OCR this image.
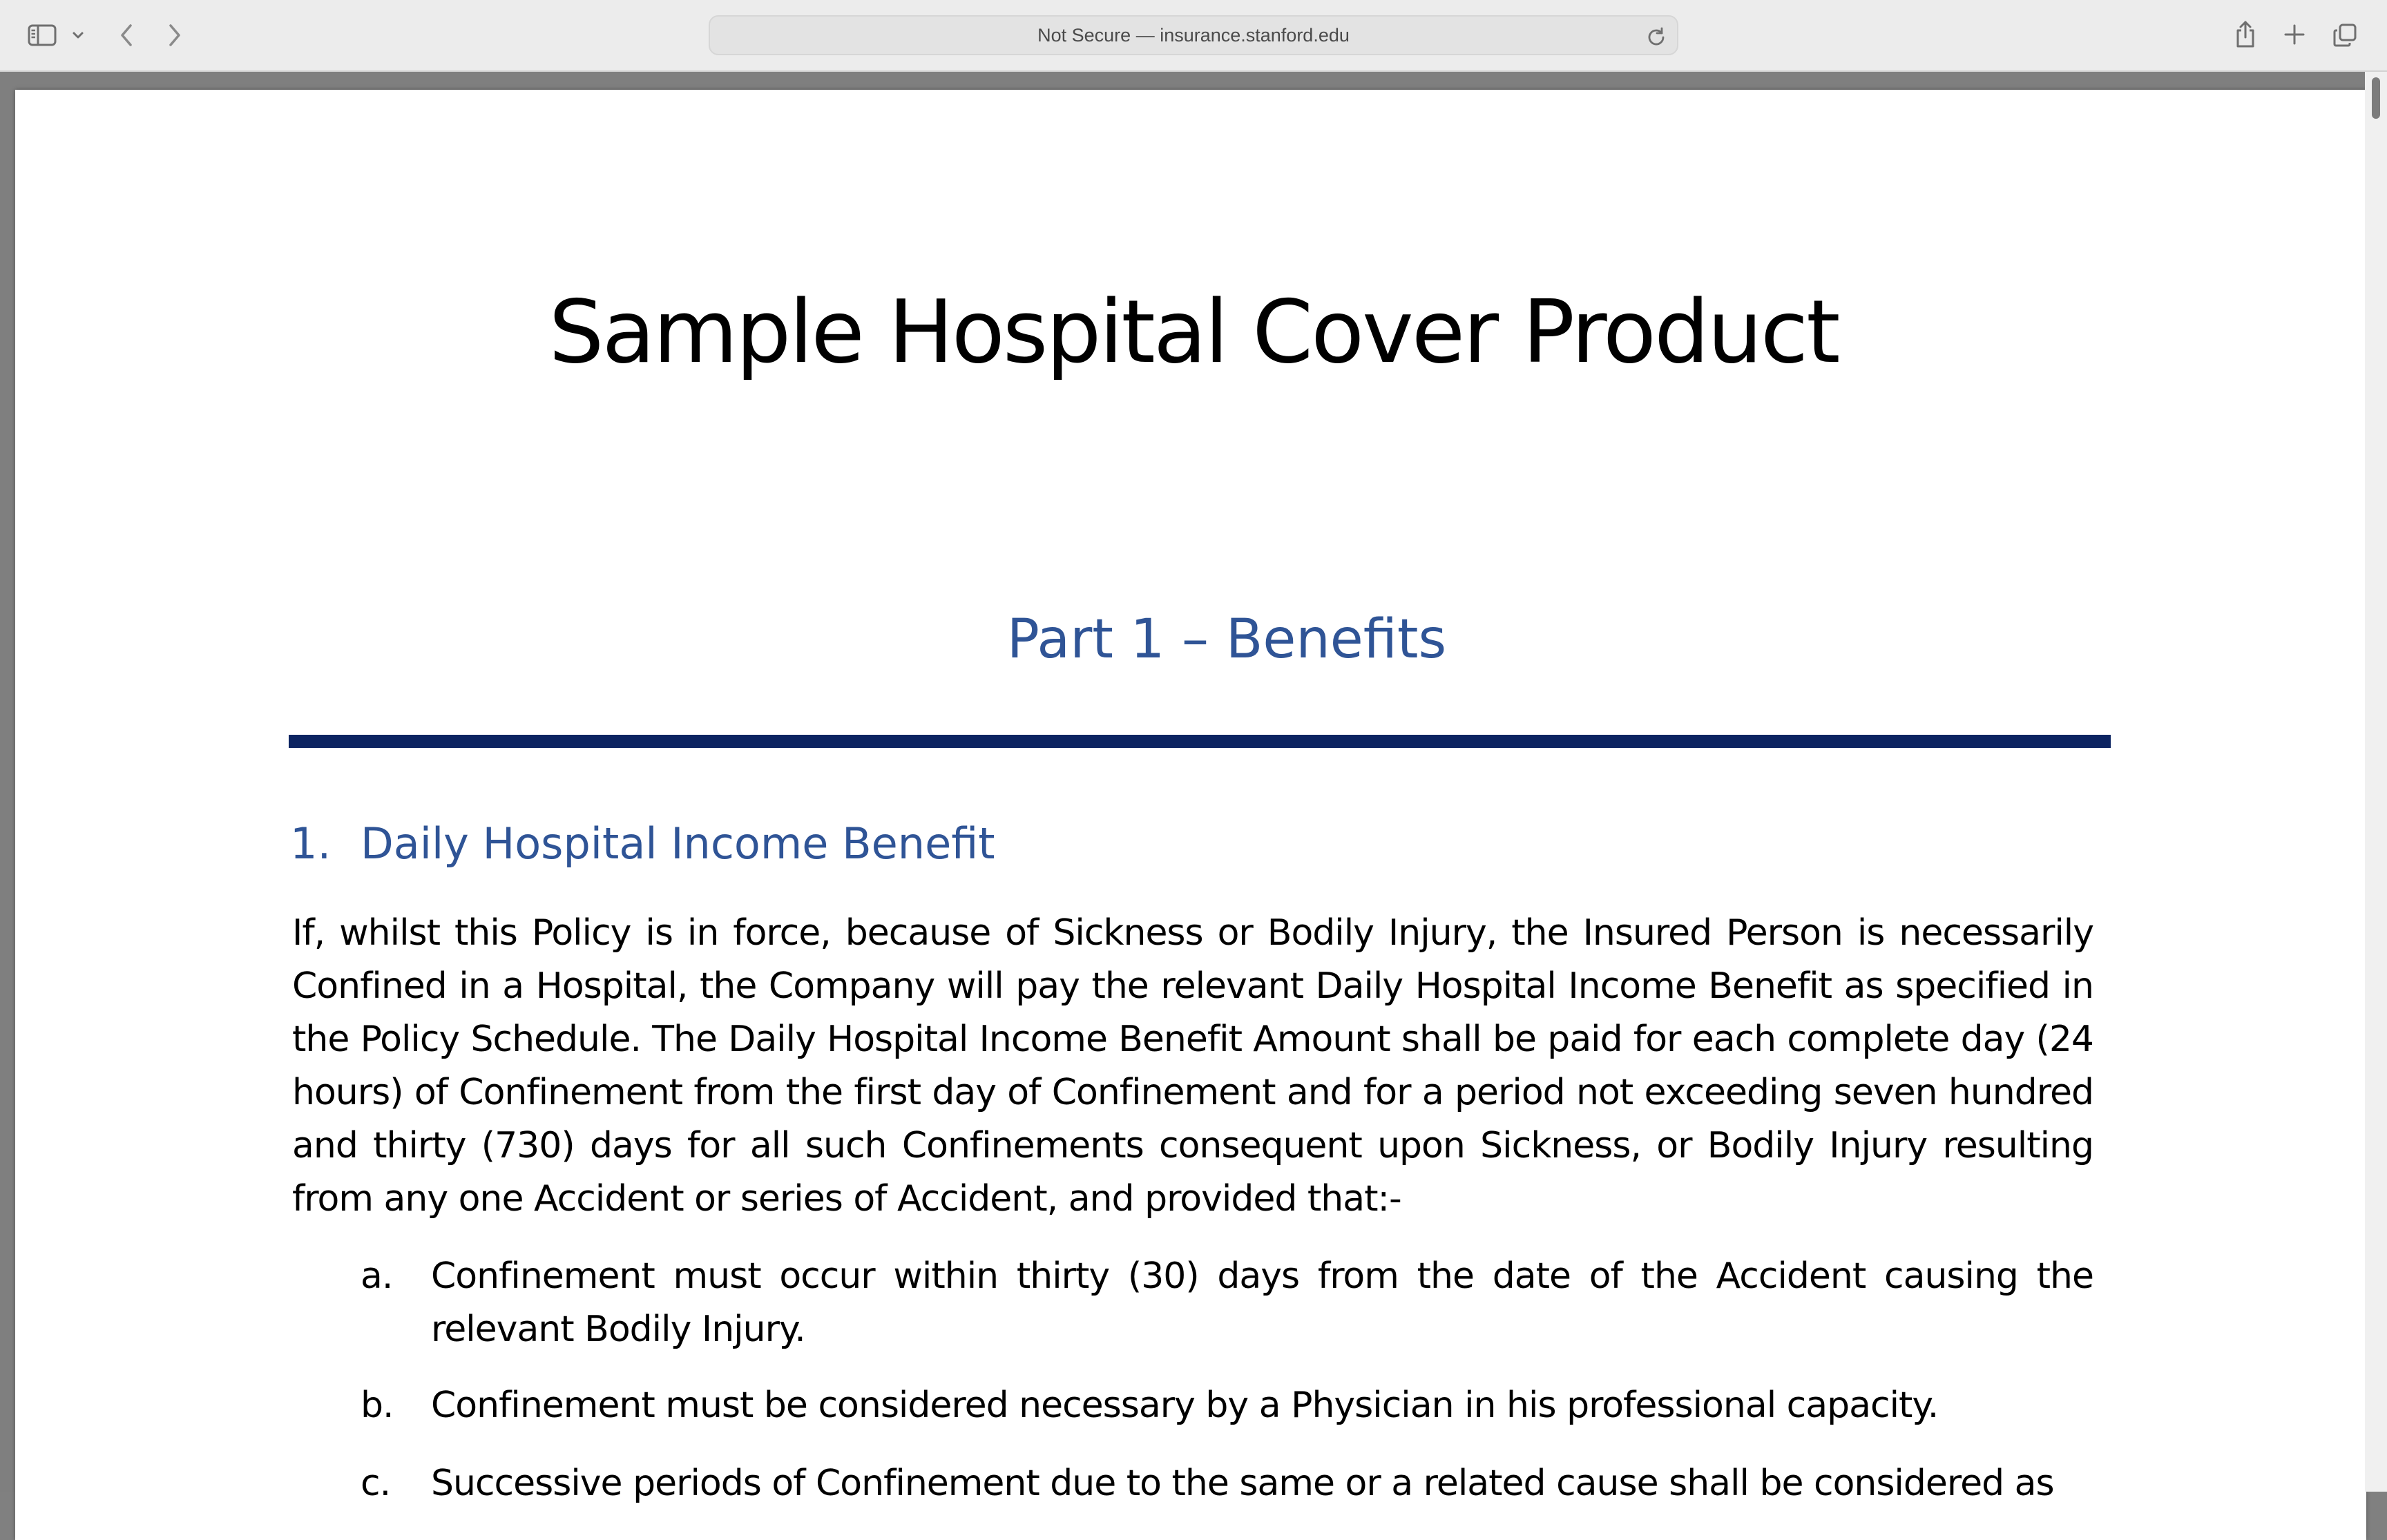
Not Secure — insurance.stanford.edu
Sample Hospital Cover Product
Part 1 – Benefits
1. Daily Hospital Income Benefit
If, whilst this Policy is in force, because of Sickness or Bodily Injury, the Insured Person is necessarily Confined in a Hospital, the Company will pay the relevant Daily Hospital Income Benefit as specified in the Policy Schedule. The Daily Hospital Income Benefit Amount shall be paid for each complete day (24 hours) of Confinement from the first day of Confinement and for a period not exceeding seven hundred and thirty (730) days for all such Confinements consequent upon Sickness, or Bodily Injury resulting from any one Accident or series of Accident, and provided that:-
a.	Confinement must occur within thirty (30) days from the date of the Accident causing the relevant Bodily Injury.
b.	Confinement must be considered necessary by a Physician in his professional capacity.
c.	Successive periods of Confinement due to the same or a related cause shall be considered as
